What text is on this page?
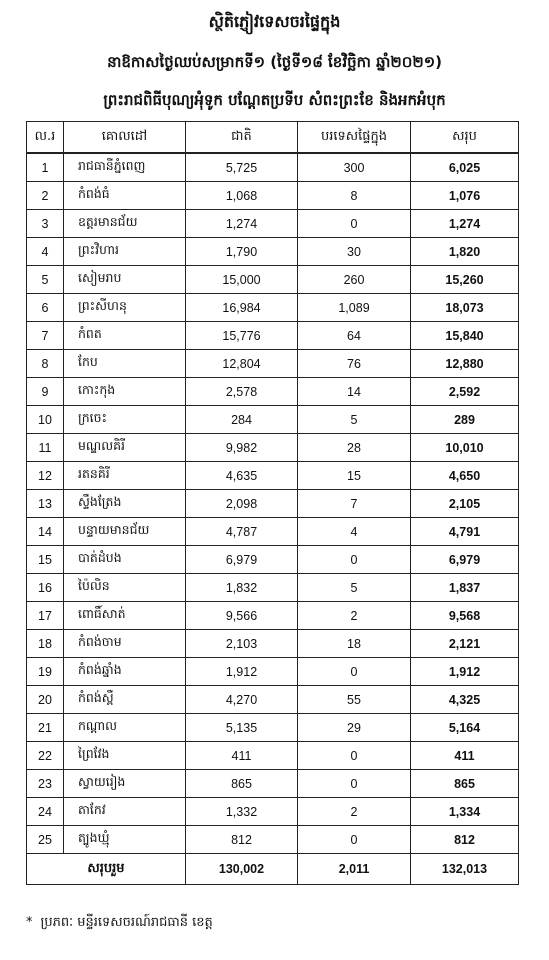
ស្ថិតិភ្ញៀវទេសចរផ្ទៃក្នុង
នាឱកាសថ្ងៃឈប់សម្រាកទី១ (ថ្ងៃទី១៨ ខែវិច្ឆិកា ឆ្នាំ២០២១)
ព្រះរាជពិធីបុណ្យអុំទូក បណ្តែតប្រទីប សំពះព្រះខែ និងអកអំបុក
ល.រ	គោលដៅ	ជាតិ	បរទេសផ្ទៃក្នុង	សរុប
1	រាជធានីភ្នំពេញ	5,725	300	6,025
2	កំពង់ធំ	1,068	8	1,076
3	ឧត្តរមានជ័យ	1,274	0	1,274
4	ព្រះវិហារ	1,790	30	1,820
5	សៀមរាប	15,000	260	15,260
6	ព្រះសីហនុ	16,984	1,089	18,073
7	កំពត	15,776	64	15,840
8	កែប	12,804	76	12,880
9	កោះកុង	2,578	14	2,592
10	ក្រចេះ	284	5	289
11	មណ្ឌលគិរី	9,982	28	10,010
12	រតនគិរី	4,635	15	4,650
13	ស្ទឹងត្រែង	2,098	7	2,105
14	បន្ទាយមានជ័យ	4,787	4	4,791
15	បាត់ដំបង	6,979	0	6,979
16	ប៉ៃលិន	1,832	5	1,837
17	ពោធិ៍សាត់	9,566	2	9,568
18	កំពង់ចាម	2,103	18	2,121
19	កំពង់ឆ្នាំង	1,912	0	1,912
20	កំពង់ស្ពឺ	4,270	55	4,325
21	កណ្តាល	5,135	29	5,164
22	ព្រៃវែង	411	0	411
23	ស្វាយរៀង	865	0	865
24	តាកែវ	1,332	2	1,334
25	ត្បូងឃ្មុំ	812	0	812
សរុបរួម		130,002	2,011	132,013
* ប្រភពៈ មន្ទីរទេសចរណ៍រាជធានី ខេត្ត
